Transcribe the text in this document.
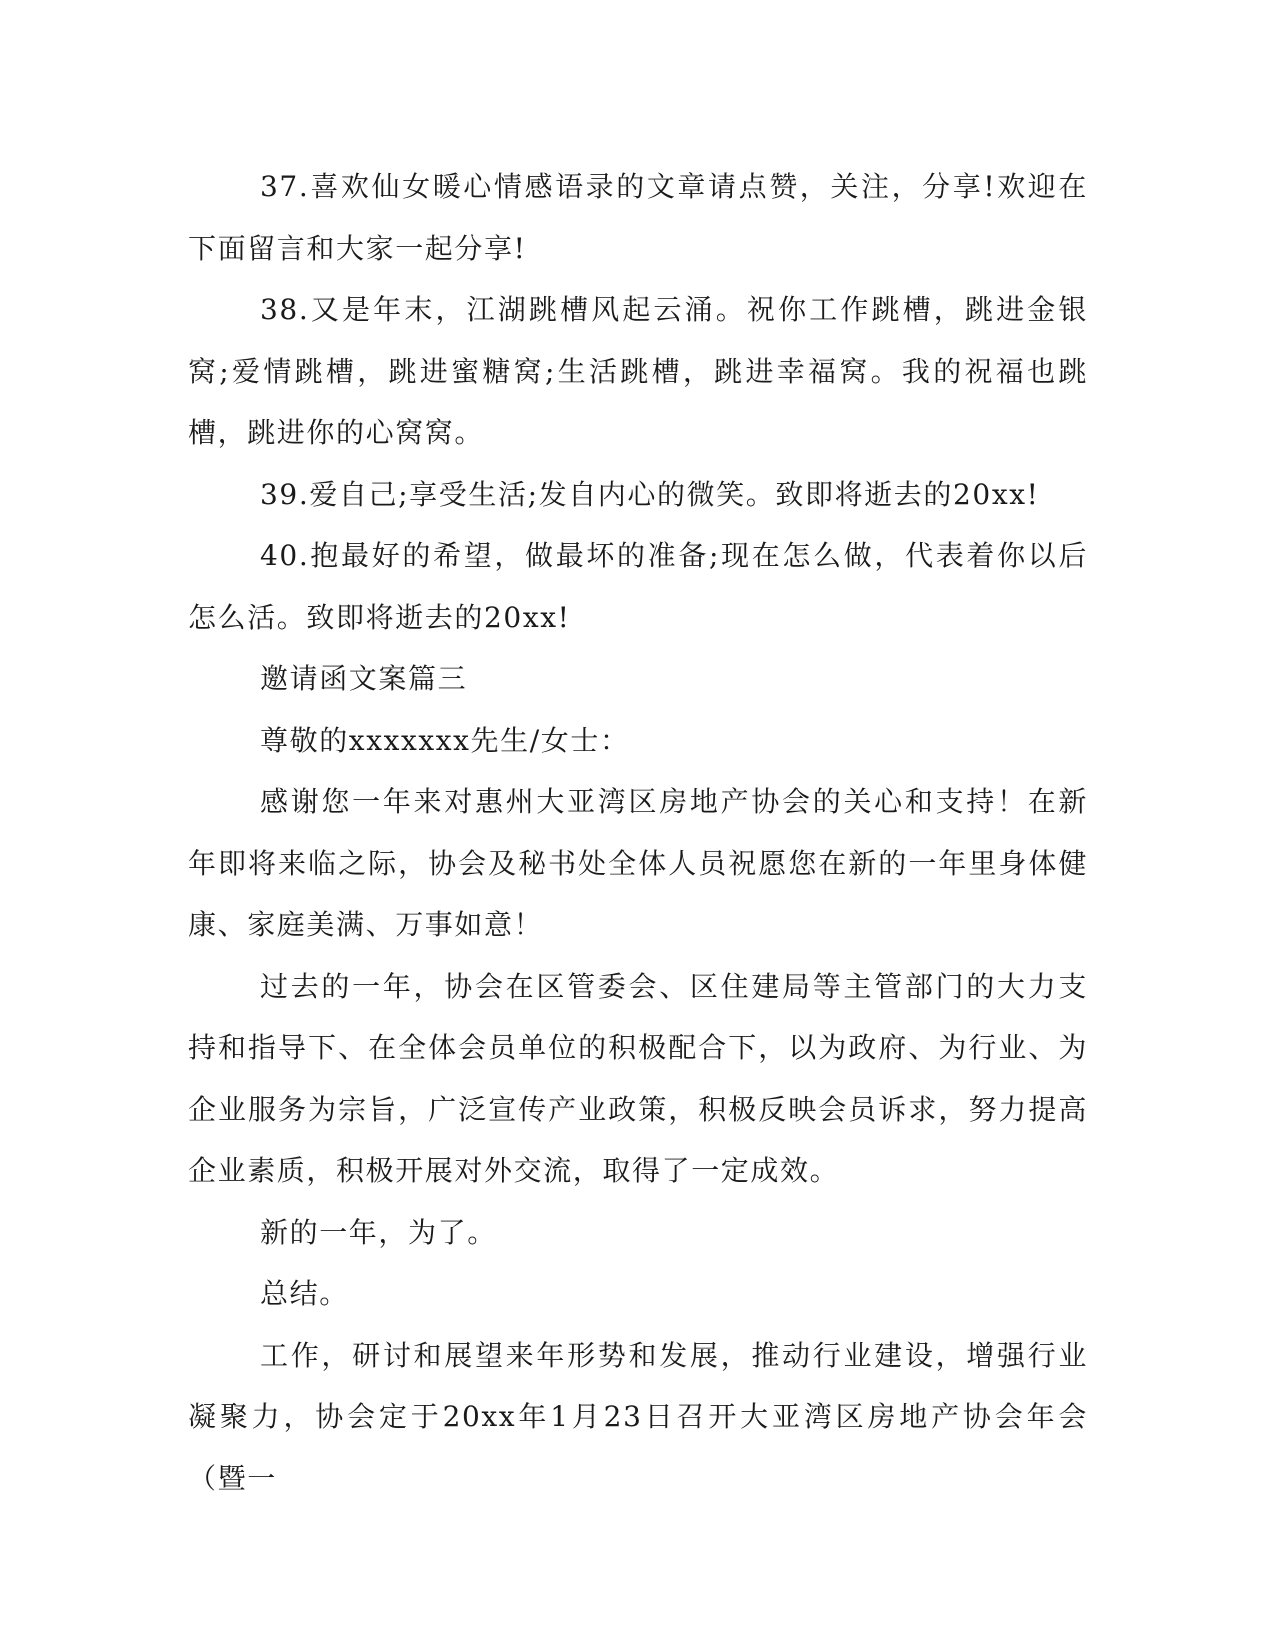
37.喜欢仙女暖心情感语录的文章请点赞，关注，分享!欢迎在下面留言和大家一起分享!

38.又是年末，江湖跳槽风起云涌。祝你工作跳槽，跳进金银窝;爱情跳槽，跳进蜜糖窝;生活跳槽，跳进幸福窝。我的祝福也跳槽，跳进你的心窝窝。

39.爱自己;享受生活;发自内心的微笑。致即将逝去的20xx!

40.抱最好的希望，做最坏的准备;现在怎么做，代表着你以后怎么活。致即将逝去的20xx!

邀请函文案篇三

尊敬的xxxxxxx先生/女士：

感谢您一年来对惠州大亚湾区房地产协会的关心和支持！在新年即将来临之际，协会及秘书处全体人员祝愿您在新的一年里身体健康、家庭美满、万事如意！

过去的一年，协会在区管委会、区住建局等主管部门的大力支持和指导下、在全体会员单位的积极配合下，以为政府、为行业、为企业服务为宗旨，广泛宣传产业政策，积极反映会员诉求，努力提高企业素质，积极开展对外交流，取得了一定成效。

新的一年，为了。

总结。

工作，研讨和展望来年形势和发展，推动行业建设，增强行业凝聚力，协会定于20xx年1月23日召开大亚湾区房地产协会年会（暨一
